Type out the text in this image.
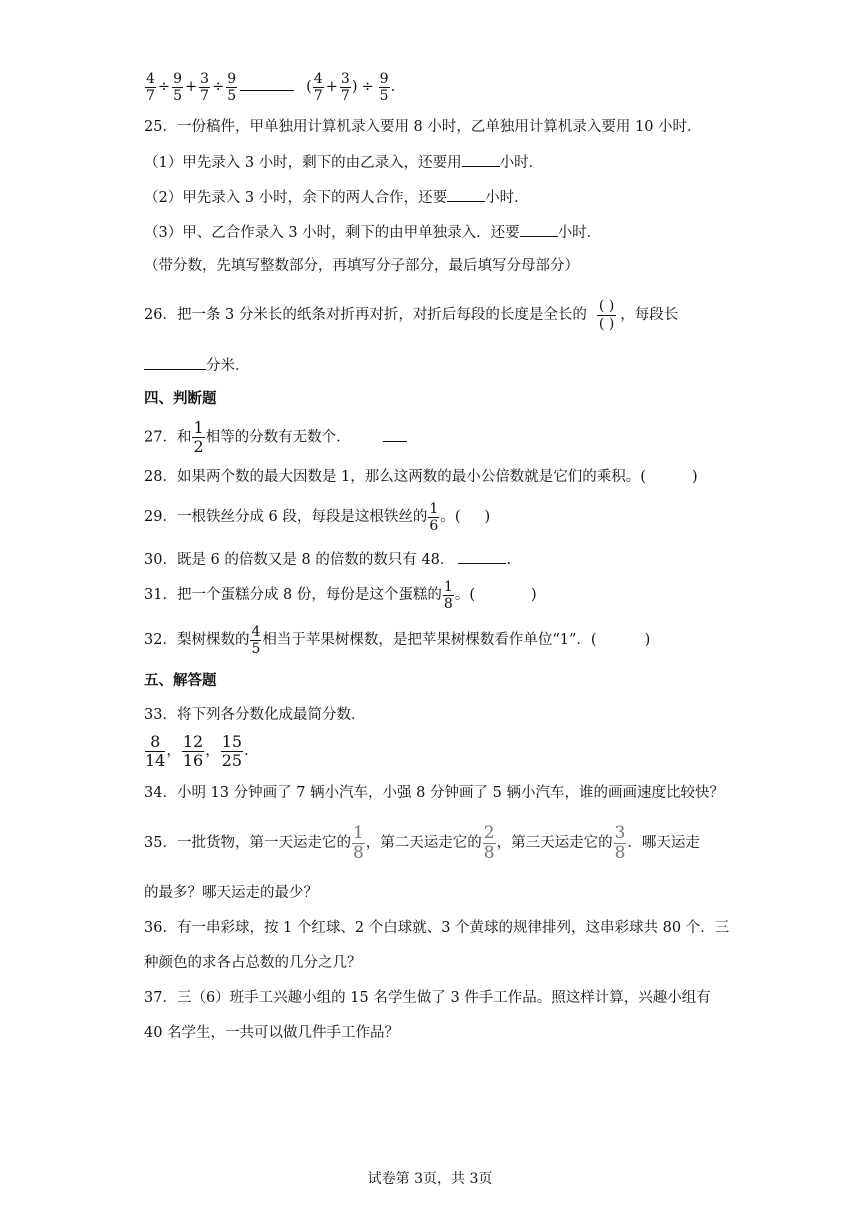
$\frac{4}{7} \div \frac{9}{5} + \frac{3}{7} \div \frac{9}{5}$	( $\frac{4}{7} + \frac{3}{7}$ ) ÷ $\frac{9}{5}$ .
25．一份稿件，甲单独用计算机录入要用 8 小时，乙单独用计算机录入要用 10 小时．
（1）甲先录入 3 小时，剩下的由乙录入，还要用	小时．
（2）甲先录入 3 小时，余下的两人合作，还要	小时．
（3）甲、乙合作录入 3 小时，剩下的由甲单独录入．还要	小时．
（带分数，先填写整数部分，再填写分子部分，最后填写分母部分）
26．把一条 3 分米长的纸条对折再对折，对折后每段的长度是全长的 $\frac{( )}{( )}$ ，每段长
分米．
四、判断题
27．和 $\frac{1}{2}$ 相等的分数有无数个．
28．如果两个数的最大因数是 1，那么这两数的最小公倍数就是它们的乘积。(	)
29．一根铁丝分成 6 段，每段是这根铁丝的 $\frac{1}{6}$ 。( )
30．既是 6 的倍数又是 8 的倍数的数只有 48．	.
31．把一个蛋糕分成 8 份，每份是这个蛋糕的 $\frac{1}{8}$ 。(	)
32．梨树棵数的 $\frac{4}{5}$ 相当于苹果树棵数，是把苹果树棵数看作单位“1”．(	)
五、解答题
33．将下列各分数化成最简分数．
$\frac{8}{14}$ ， $\frac{12}{16}$ ， $\frac{15}{25}$ .
34．小明 13 分钟画了 7 辆小汽车，小强 8 分钟画了 5 辆小汽车，谁的画画速度比较快？
35．一批货物，第一天运走它的 $\frac{1}{8}$ ，第二天运走它的 $\frac{2}{8}$ ，第三天运走它的 $\frac{3}{8}$ ．哪天运走
的最多？哪天运走的最少？
36．有一串彩球，按 1 个红球、2 个白球就、3 个黄球的规律排列，这串彩球共 80 个．三
种颜色的求各占总数的几分之几？
37．三（6）班手工兴趣小组的 15 名学生做了 3 件手工作品。照这样计算，兴趣小组有
40 名学生，一共可以做几件手工作品？
试卷第 3页，共 3页
